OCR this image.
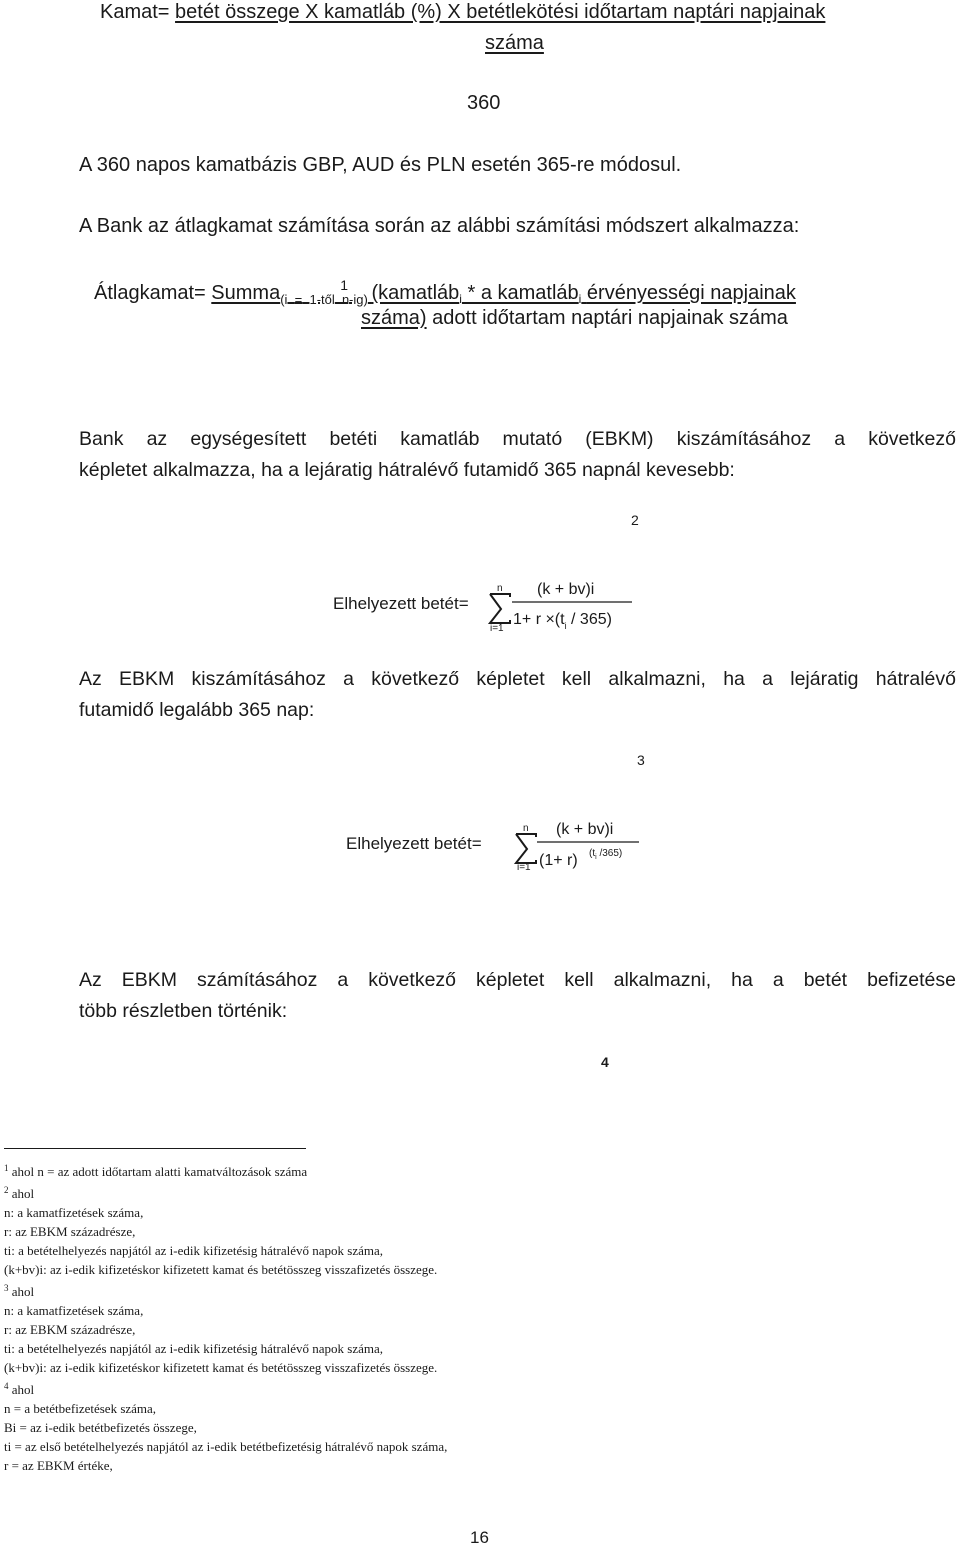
Kamat= betét összege X kamatláb (%) X betétlekötési időtartam naptári napjainak
száma
360
A 360 napos kamatbázis GBP, AUD és PLN esetén 365-re módosul.
A Bank az átlagkamat számítása során az alábbi számítási módszert alkalmazza:
Átlagkamat= Summa$_{(i = 1-től n1-ig)}$ (kamatláb$_i$ * a kamatláb$_i$ érvényességi napjainak
száma) adott időtartam naptári napjainak száma
Bank az egységesített betéti kamatláb mutató (EBKM) kiszámításához a következő
képletet alkalmazza, ha a lejáratig hátralévő futamidő 365 napnál kevesebb:
2
Elhelyezett betét=
n
i=1
(k + bv)i
$1+ r \times(t_i / 365)$
Az EBKM kiszámításához a következő képletet kell alkalmazni, ha a lejáratig hátralévő
futamidő legalább 365 nap:
3
Elhelyezett betét=
n
i=1
(k + bv)i
(1+ r) ($t_i$ /365)
Az EBKM számításához a következő képletet kell alkalmazni, ha a betét befizetése
több részletben történik:
4
$^1$ ahol n = az adott időtartam alatti kamatváltozások száma
$^2$ ahol
n: a kamatfizetések száma,
r: az EBKM századrésze,
ti: a betételhelyezés napjától az i-edik kifizetésig hátralévő napok száma,
(k+bv)i: az i-edik kifizetéskor kifizetett kamat és betétösszeg visszafizetés összege.
$^3$ ahol
n: a kamatfizetések száma,
r: az EBKM századrésze,
ti: a betételhelyezés napjától az i-edik kifizetésig hátralévő napok száma,
(k+bv)i: az i-edik kifizetéskor kifizetett kamat és betétösszeg visszafizetés összege.
$^4$ ahol
n = a betétbefizetések száma,
Bi = az i-edik betétbefizetés összege,
ti = az első betételhelyezés napjától az i-edik betétbefizetésig hátralévő napok száma,
r = az EBKM értéke,
16
